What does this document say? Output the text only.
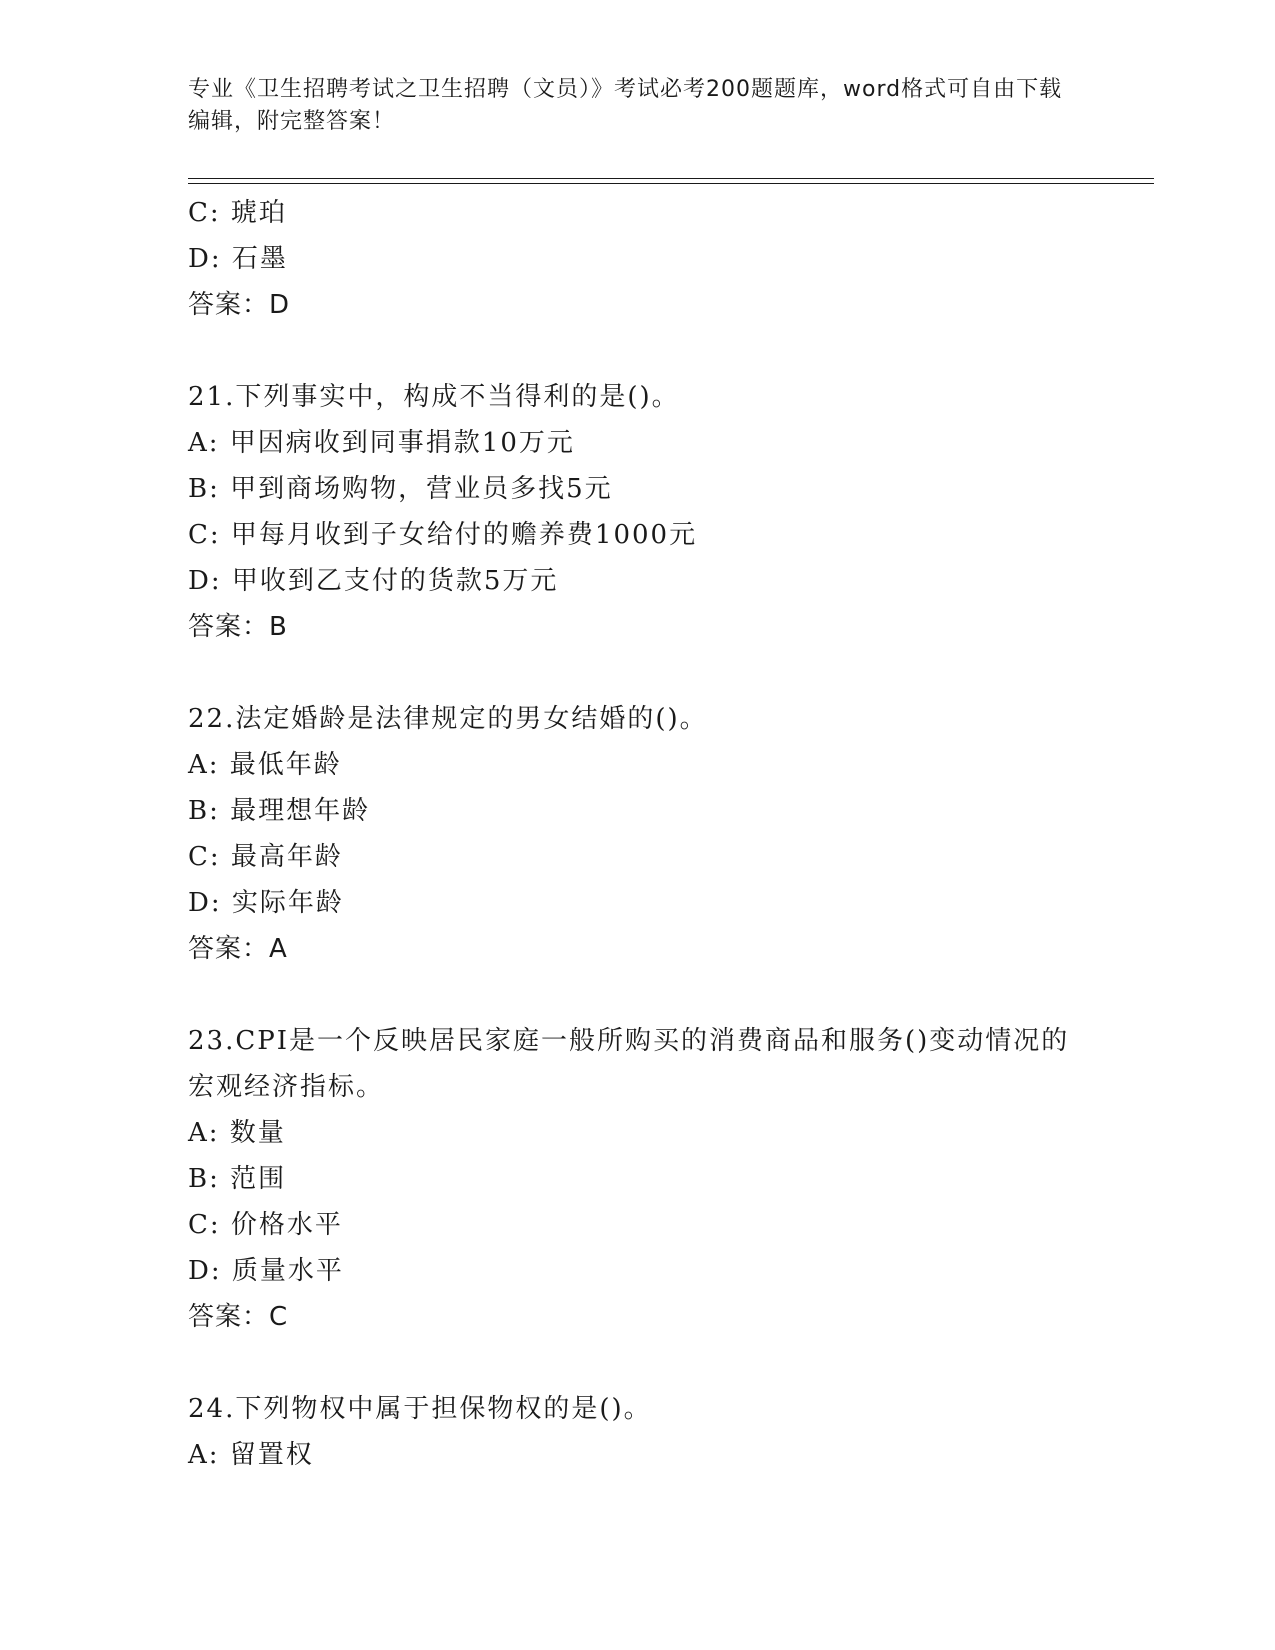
专业《卫生招聘考试之卫生招聘（文员）》考试必考200题题库，word格式可自由下载编辑，附完整答案！
C: 琥珀
D: 石墨
答案：D
21.下列事实中，构成不当得利的是()。
A: 甲因病收到同事捐款10万元
B: 甲到商场购物，营业员多找5元
C: 甲每月收到子女给付的赡养费1000元
D: 甲收到乙支付的货款5万元
答案：B
22.法定婚龄是法律规定的男女结婚的()。
A: 最低年龄
B: 最理想年龄
C: 最高年龄
D: 实际年龄
答案：A
23.CPI是一个反映居民家庭一般所购买的消费商品和服务()变动情况的宏观经济指标。
A: 数量
B: 范围
C: 价格水平
D: 质量水平
答案：C
24.下列物权中属于担保物权的是()。
A: 留置权
